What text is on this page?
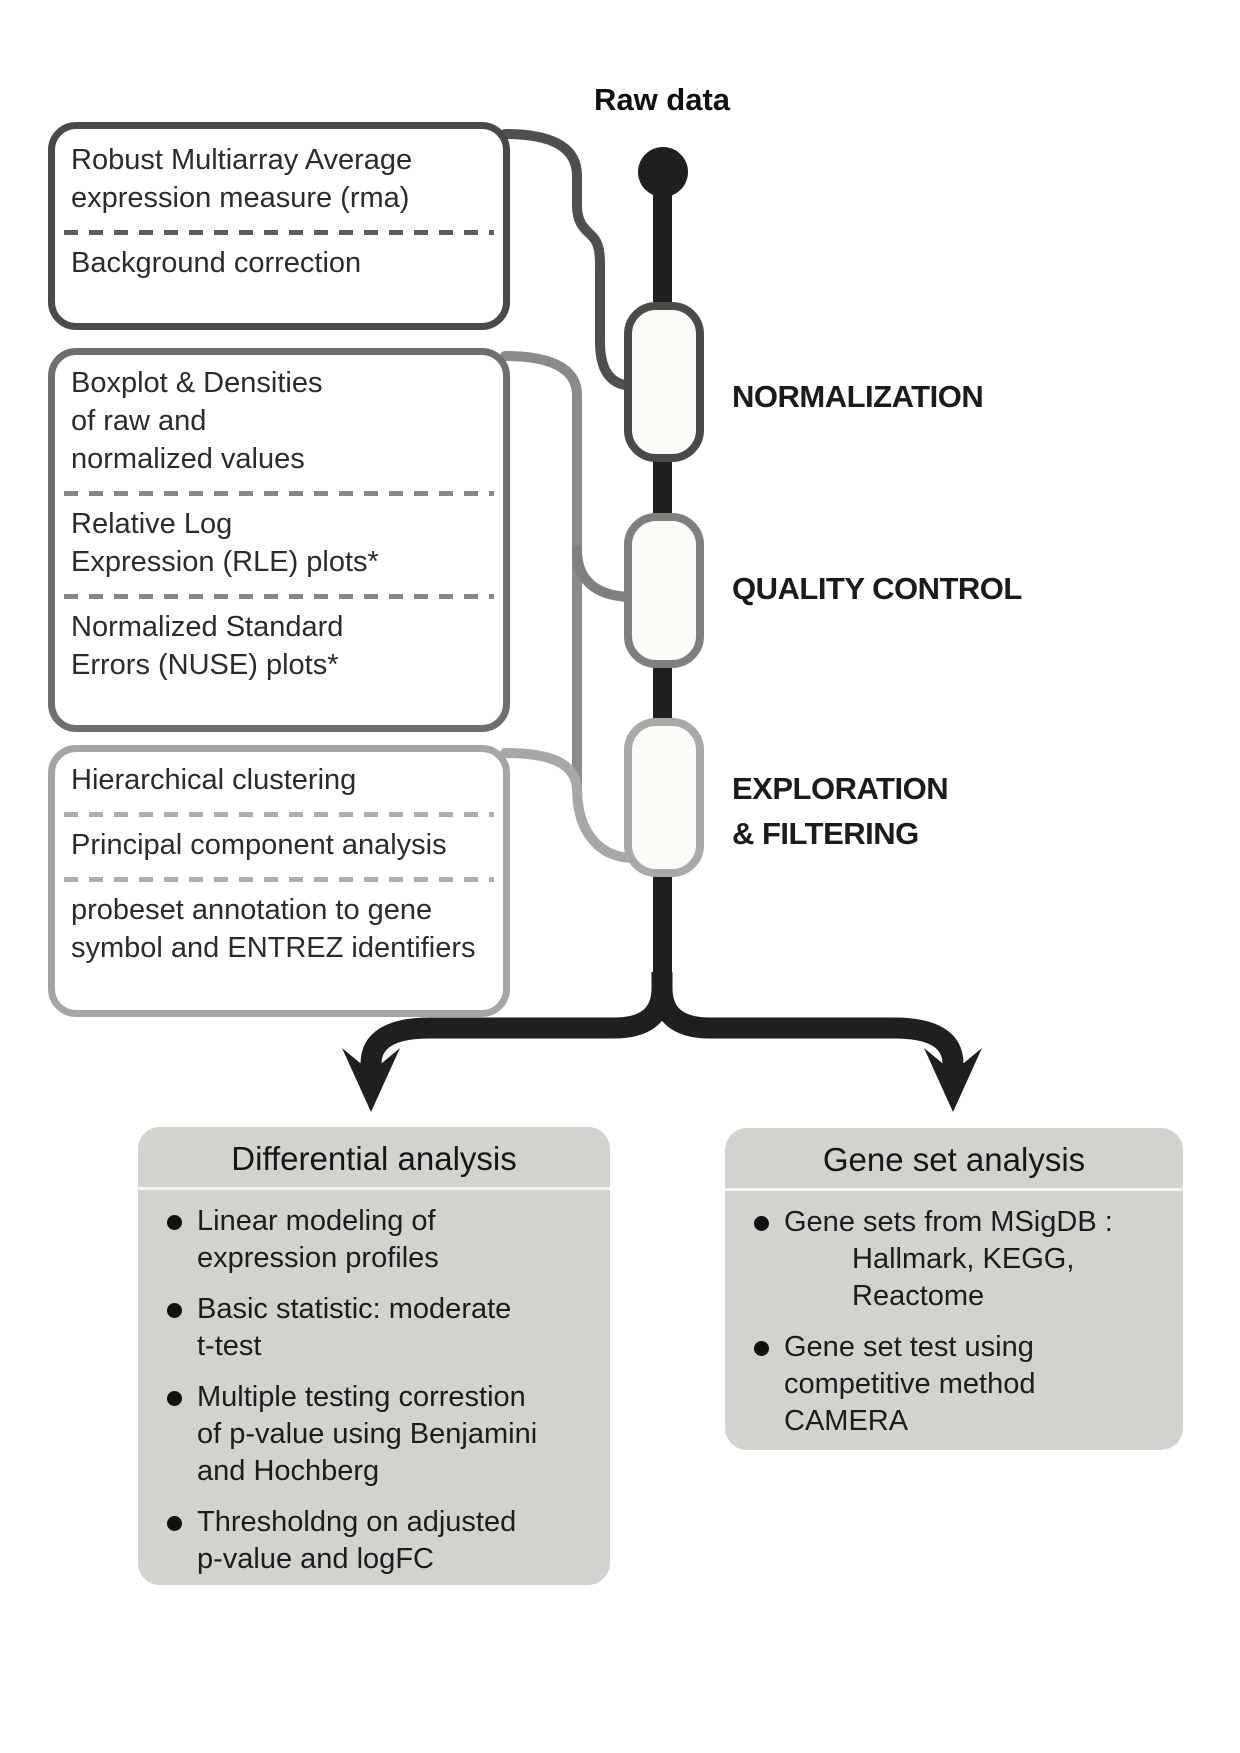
Raw data
Robust Multiarray Average
expression measure (rma)
Background correction
Boxplot & Densities
of raw and
normalized values
Relative Log
Expression (RLE) plots*
Normalized Standard
Errors (NUSE) plots*
Hierarchical clustering
Principal component analysis
probeset annotation to gene
symbol and ENTREZ identifiers
NORMALIZATION
QUALITY CONTROL
EXPLORATION
& FILTERING
Differential analysis
Linear modeling of
expression profiles
Basic statistic: moderate
t-test
Multiple testing correstion
of p-value using Benjamini
and Hochberg
Thresholdng on adjusted
p-value and logFC
Gene set analysis
Gene sets from MSigDB :
Hallmark, KEGG,
Reactome
Gene set test using
competitive method
CAMERA
